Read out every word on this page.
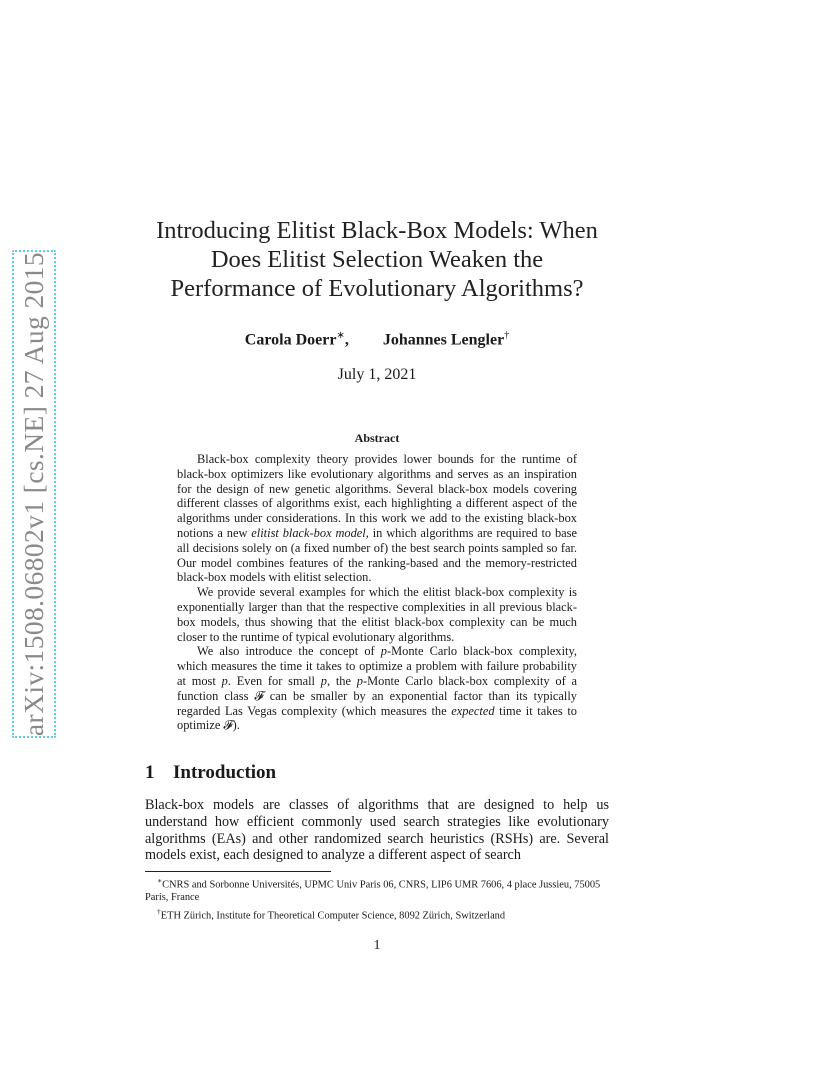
arXiv:1508.06802v1 [cs.NE] 27 Aug 2015
Introducing Elitist Black-Box Models: When
Does Elitist Selection Weaken the
Performance of Evolutionary Algorithms?
Carola Doerr∗, Johannes Lengler†
July 1, 2021
Abstract

Black-box complexity theory provides lower bounds for the runtime of black-box optimizers like evolutionary algorithms and serves as an inspiration for the design of new genetic algorithms. Several black-box models covering different classes of algorithms exist, each highlighting a different aspect of the algorithms under considerations. In this work we add to the existing black-box notions a new elitist black-box model, in which algorithms are required to base all decisions solely on (a fixed number of) the best search points sampled so far. Our model combines features of the ranking-based and the memory-restricted black-box models with elitist selection.

We provide several examples for which the elitist black-box complexity is exponentially larger than that the respective complexities in all previous black-box models, thus showing that the elitist black-box complexity can be much closer to the runtime of typical evolutionary algorithms.

We also introduce the concept of p-Monte Carlo black-box complexity, which measures the time it takes to optimize a problem with failure probability at most p. Even for small p, the p-Monte Carlo black-box complexity of a function class 𝓕 can be smaller by an exponential factor than its typically regarded Las Vegas complexity (which measures the expected time it takes to optimize 𝓕).

1 Introduction

Black-box models are classes of algorithms that are designed to help us understand how efficient commonly used search strategies like evolutionary algorithms (EAs) and other randomized search heuristics (RSHs) are. Several models exist, each designed to analyze a different aspect of search

∗CNRS and Sorbonne Universités, UPMC Univ Paris 06, CNRS, LIP6 UMR 7606, 4 place Jussieu, 75005 Paris, France

†ETH Zürich, Institute for Theoretical Computer Science, 8092 Zürich, Switzerland

1
